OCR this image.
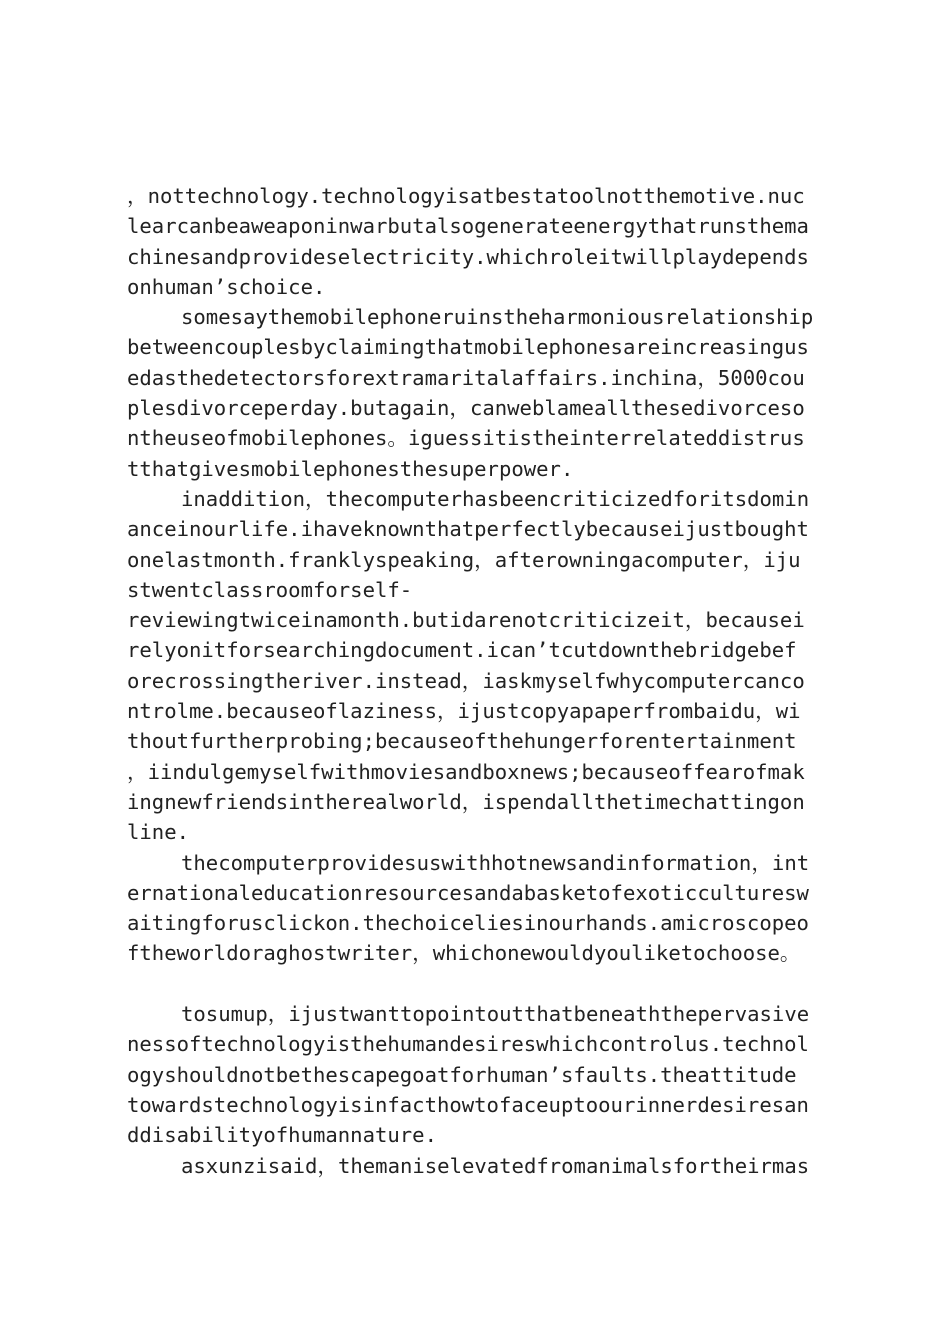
，nottechnology.technologyisatbestatoolnotthemotive.nuc
learcanbeaweaponinwarbutalsogenerateenergythatrunsthema
chinesandprovideselectricity.whichroleitwillplaydepends
onhuman’schoice.
somesaythemobilephoneruinstheharmoniousrelationship
betweencouplesbyclaimingthatmobilephonesareincreasingus
edasthedetectorsforextramaritalaffairs.inchina，5000cou
plesdivorceperday.butagain，canweblameallthesedivorceso
ntheuseofmobilephones。iguessitistheinterrelateddistrus
tthatgivesmobilephonesthesuperpower.
inaddition，thecomputerhasbeencriticizedforitsdomin
anceinourlife.ihaveknownthatperfectlybecauseijustbought
onelastmonth.franklyspeaking，afterowningacomputer，iju
stwentclassroomforself-
reviewingtwiceinamonth.butidarenotcriticizeit，becausei
relyonitforsearchingdocument.ican’tcutdownthebridgebef
orecrossingtheriver.instead，iaskmyselfwhycomputercanco
ntrolme.becauseoflaziness，ijustcopyapaperfrombaidu，wi
thoutfurtherprobing;becauseofthehungerforentertainment
，iindulgemyselfwithmoviesandboxnews;becauseoffearofmak
ingnewfriendsintherealworld，ispendallthetimechattingon
line.
thecomputerprovidesuswithhotnewsandinformation，int
ernationaleducationresourcesandabasketofexoticculturesw
aitingforusclickon.thechoiceliesinourhands.amicroscopeo
ftheworldoraghostwriter，whichonewouldyouliketochoose。
tosumup，ijustwanttopointoutthatbeneaththepervasive
nessoftechnologyisthehumandesireswhichcontrolus.technol
ogyshouldnotbethescapegoatforhuman’sfaults.theattitude
towardstechnologyisinfacthowtofaceuptoourinnerdesiresan
ddisabilityofhumannature.
asxunzisaid，themaniselevatedfromanimalsfortheirmas
